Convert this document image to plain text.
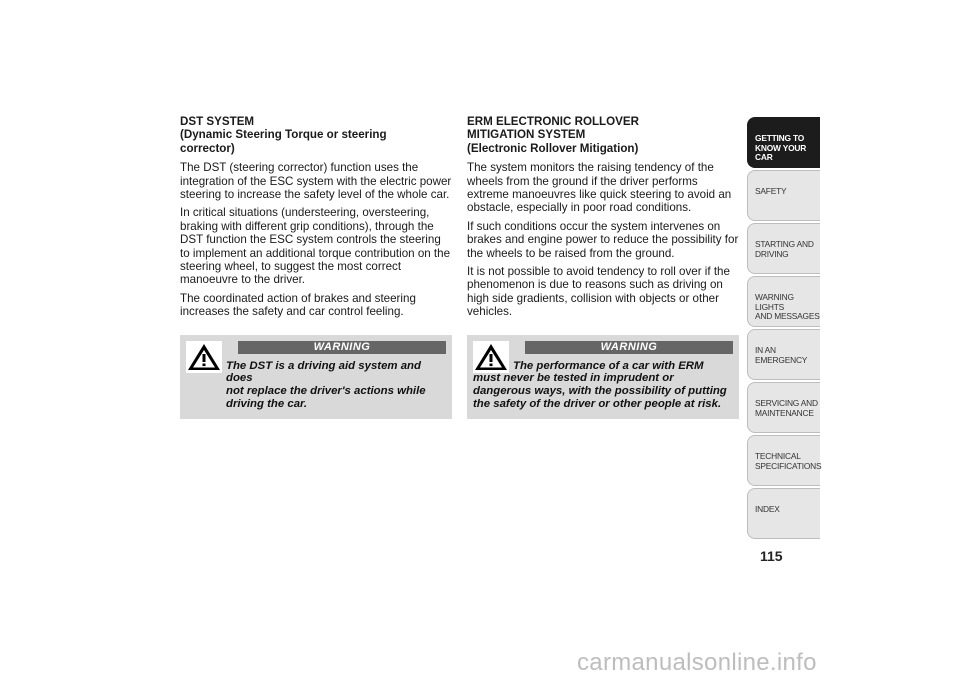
DST SYSTEM
(Dynamic Steering Torque or steering
corrector)

The DST (steering corrector) function uses the integration of the ESC system with the electric power steering to increase the safety level of the whole car.

In critical situations (understeering, oversteering, braking with different grip conditions), through the DST function the ESC system controls the steering to implement an additional torque contribution on the steering wheel, to suggest the most correct manoeuvre to the driver.

The coordinated action of brakes and steering increases the safety and car control feeling.

WARNING
The DST is a driving aid system and does
not replace the driver's actions while driving the car.
ERM ELECTRONIC ROLLOVER
MITIGATION SYSTEM
(Electronic Rollover Mitigation)

The system monitors the raising tendency of the wheels from the ground if the driver performs extreme manoeuvres like quick steering to avoid an obstacle, especially in poor road conditions.

If such conditions occur the system intervenes on brakes and engine power to reduce the possibility for the wheels to be raised from the ground.

It is not possible to avoid tendency to roll over if the phenomenon is due to reasons such as driving on high side gradients, collision with objects or other vehicles.

WARNING
The performance of a car with ERM
must never be tested in imprudent or dangerous ways, with the possibility of putting the safety of the driver or other people at risk.
GETTING TO
KNOW YOUR CAR
SAFETY
STARTING AND
DRIVING
WARNING LIGHTS
AND MESSAGES
IN AN EMERGENCY
SERVICING AND
MAINTENANCE
TECHNICAL
SPECIFICATIONS
INDEX
115
carmanualsonline.info
